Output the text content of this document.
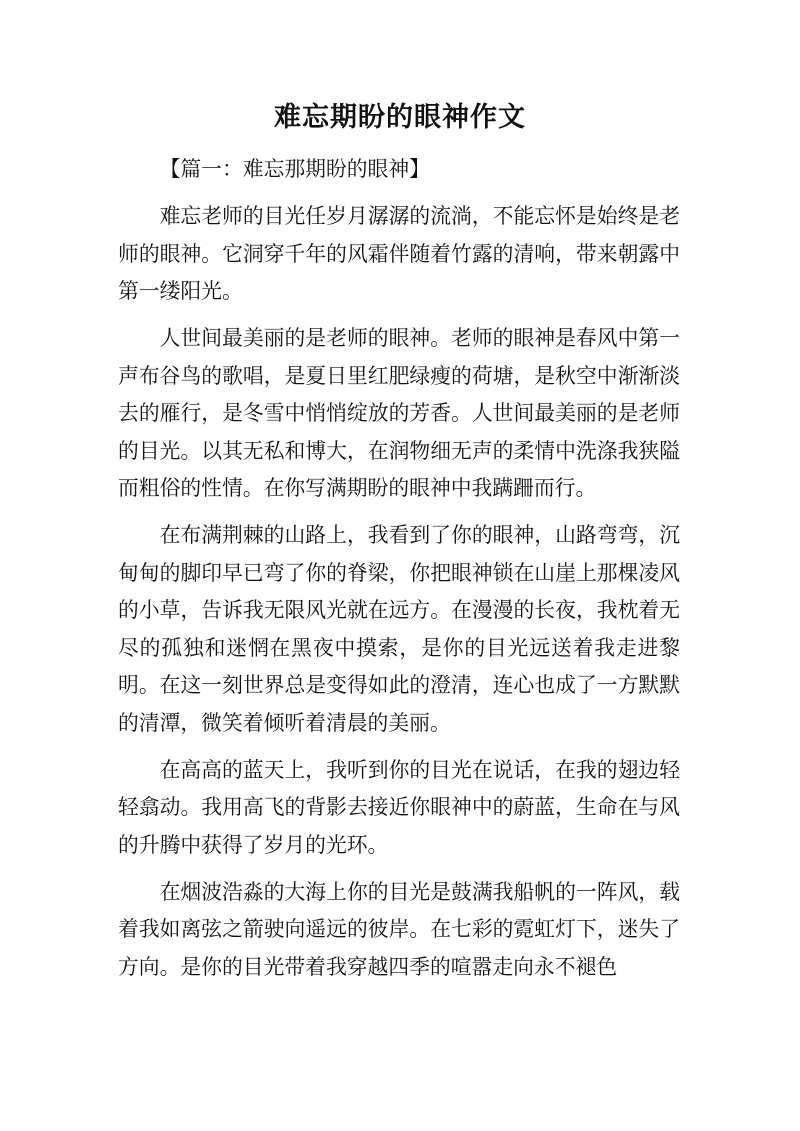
难忘期盼的眼神作文

【篇一：难忘那期盼的眼神】

难忘老师的目光任岁月潺潺的流淌，不能忘怀是始终是老师的眼神。它洞穿千年的风霜伴随着竹露的清响，带来朝露中第一缕阳光。

人世间最美丽的是老师的眼神。老师的眼神是春风中第一声布谷鸟的歌唱，是夏日里红肥绿瘦的荷塘，是秋空中渐渐淡去的雁行，是冬雪中悄悄绽放的芳香。人世间最美丽的是老师的目光。以其无私和博大，在润物细无声的柔情中洗涤我狭隘而粗俗的性情。在你写满期盼的眼神中我蹒跚而行。

在布满荆棘的山路上，我看到了你的眼神，山路弯弯，沉甸甸的脚印早已弯了你的脊梁，你把眼神锁在山崖上那棵凌风的小草，告诉我无限风光就在远方。在漫漫的长夜，我枕着无尽的孤独和迷惘在黑夜中摸索，是你的目光远送着我走进黎明。在这一刻世界总是变得如此的澄清，连心也成了一方默默的清潭，微笑着倾听着清晨的美丽。

在高高的蓝天上，我听到你的目光在说话，在我的翅边轻轻翕动。我用高飞的背影去接近你眼神中的蔚蓝，生命在与风的升腾中获得了岁月的光环。

在烟波浩淼的大海上你的目光是鼓满我船帆的一阵风，载着我如离弦之箭驶向遥远的彼岸。在七彩的霓虹灯下，迷失了方向。是你的目光带着我穿越四季的喧嚣走向永不褪色
